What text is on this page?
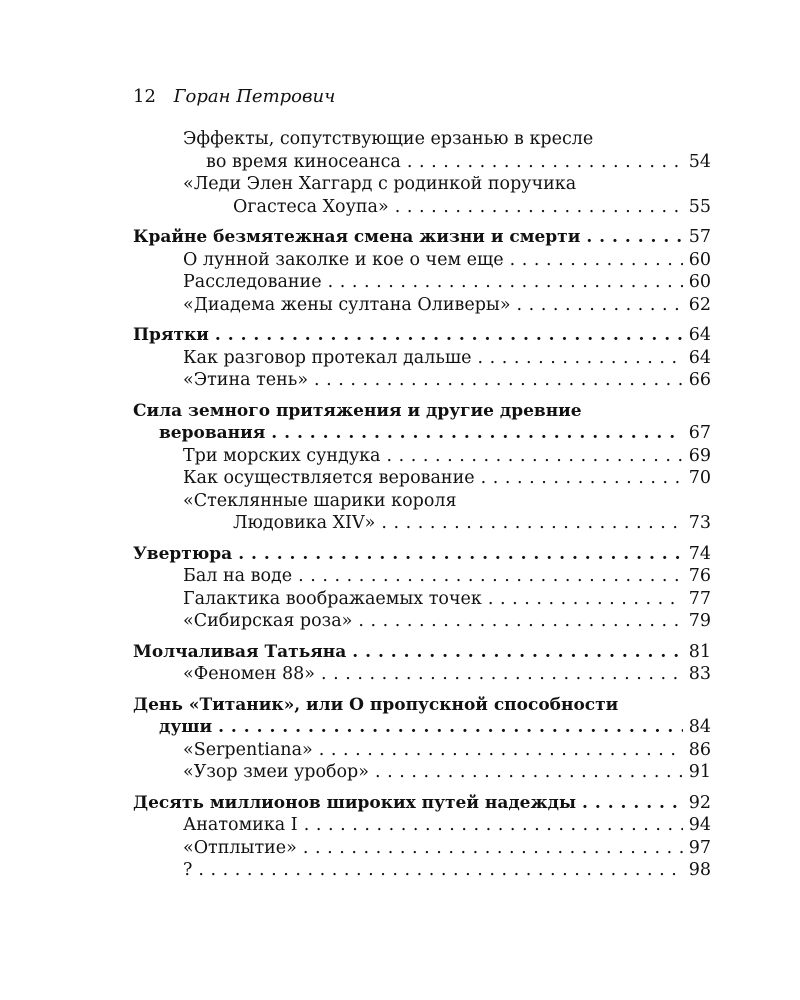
12 Горан Петрович
Эффекты, сопутствующие ерзанью в кресле
во время киносеанса . . .	54
«Леди Элен Хаггард с родинкой поручика
Огастеса Хоупа» . . .	55
Крайне безмятежная смена жизни и смерти . . .	57
О лунной заколке и кое о чем еще . . .	60
Расследование . . .	60
«Диадема жены султана Оливеры» . . .	62
Прятки . . .	64
Как разговор протекал дальше . . .	64
«Этина тень» . . .	66
Сила земного притяжения и другие древние
верования . . .	67
Три морских сундука . . .	69
Как осуществляется верование . . .	70
«Стеклянные шарики короля
Людовика XIV» . . .	73
Увертюра . . .	74
Бал на воде . . .	76
Галактика воображаемых точек . . .	77
«Сибирская роза» . . .	79
Молчаливая Татьяна . . .	81
«Феномен 88» . . .	83
День «Титаник», или О пропускной способности
души . . .	84
«Serpentiana» . . .	86
«Узор змеи уробор» . . .	91
Десять миллионов широких путей надежды . . .	92
Анатомика I . . .	94
«Отплытие» . . .	97
? . . .	98
